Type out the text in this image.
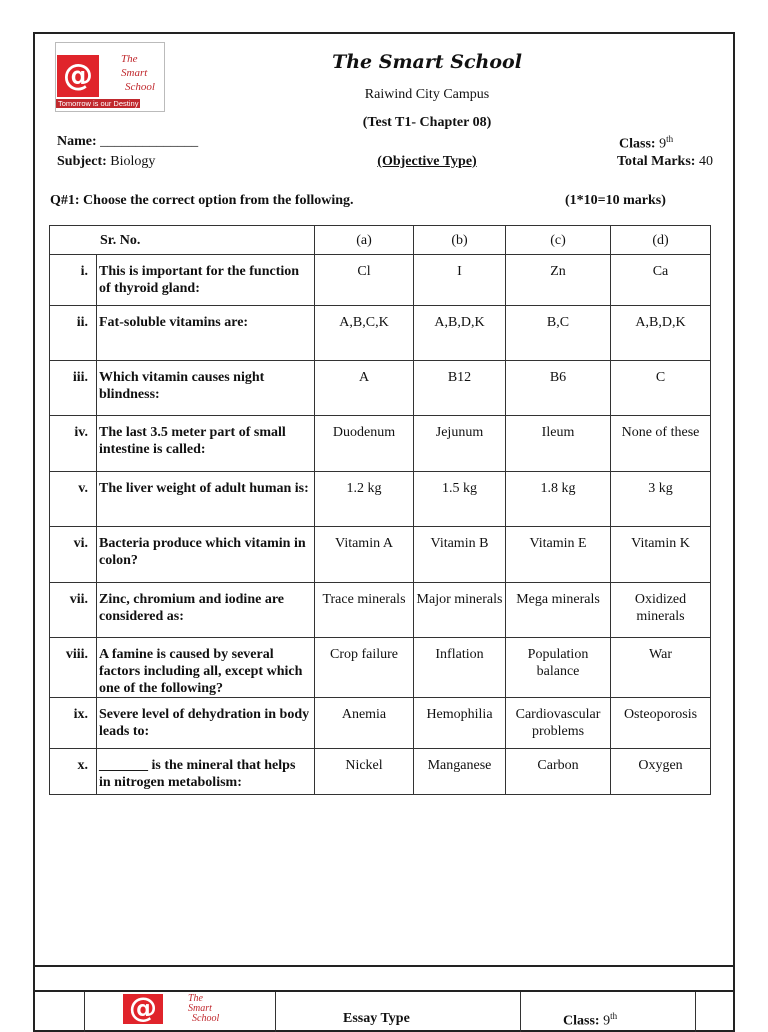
@	The
Smart
School
Tomorrow is our Destiny
The Smart School
Raiwind City Campus
(Test T1- Chapter 08)
Name: ______________
Subject: Biology	(Objective Type)
Class: 9th
Total Marks: 40
Q#1: Choose the correct option from the following.	(1*10=10 marks)
Sr. No.		(a)	(b)	(c)	(d)
i.	This is important for the function of thyroid gland:	Cl	I	Zn	Ca
ii.	Fat-soluble vitamins are:	A,B,C,K	A,B,D,K	B,C	A,B,D,K
iii.	Which vitamin causes night blindness:	A	B12	B6	C
iv.	The last 3.5 meter part of small intestine is called:	Duodenum	Jejunum	Ileum	None of these
v.	The liver weight of adult human is:	1.2 kg	1.5 kg	1.8 kg	3 kg
vi.	Bacteria produce which vitamin in colon?	Vitamin A	Vitamin B	Vitamin E	Vitamin K
vii.	Zinc, chromium and iodine are considered as:	Trace minerals	Major minerals	Mega minerals	Oxidized minerals
viii.	A famine is caused by several factors including all, except which one of the following?	Crop failure	Inflation	Population balance	War
ix.	Severe level of dehydration in body leads to:	Anemia	Hemophilia	Cardiovascular problems	Osteoporosis
x.	_______ is the mineral that helps in nitrogen metabolism:	Nickel	Manganese	Carbon	Oxygen
@	The
Smart
School	Essay Type	Class: 9th
